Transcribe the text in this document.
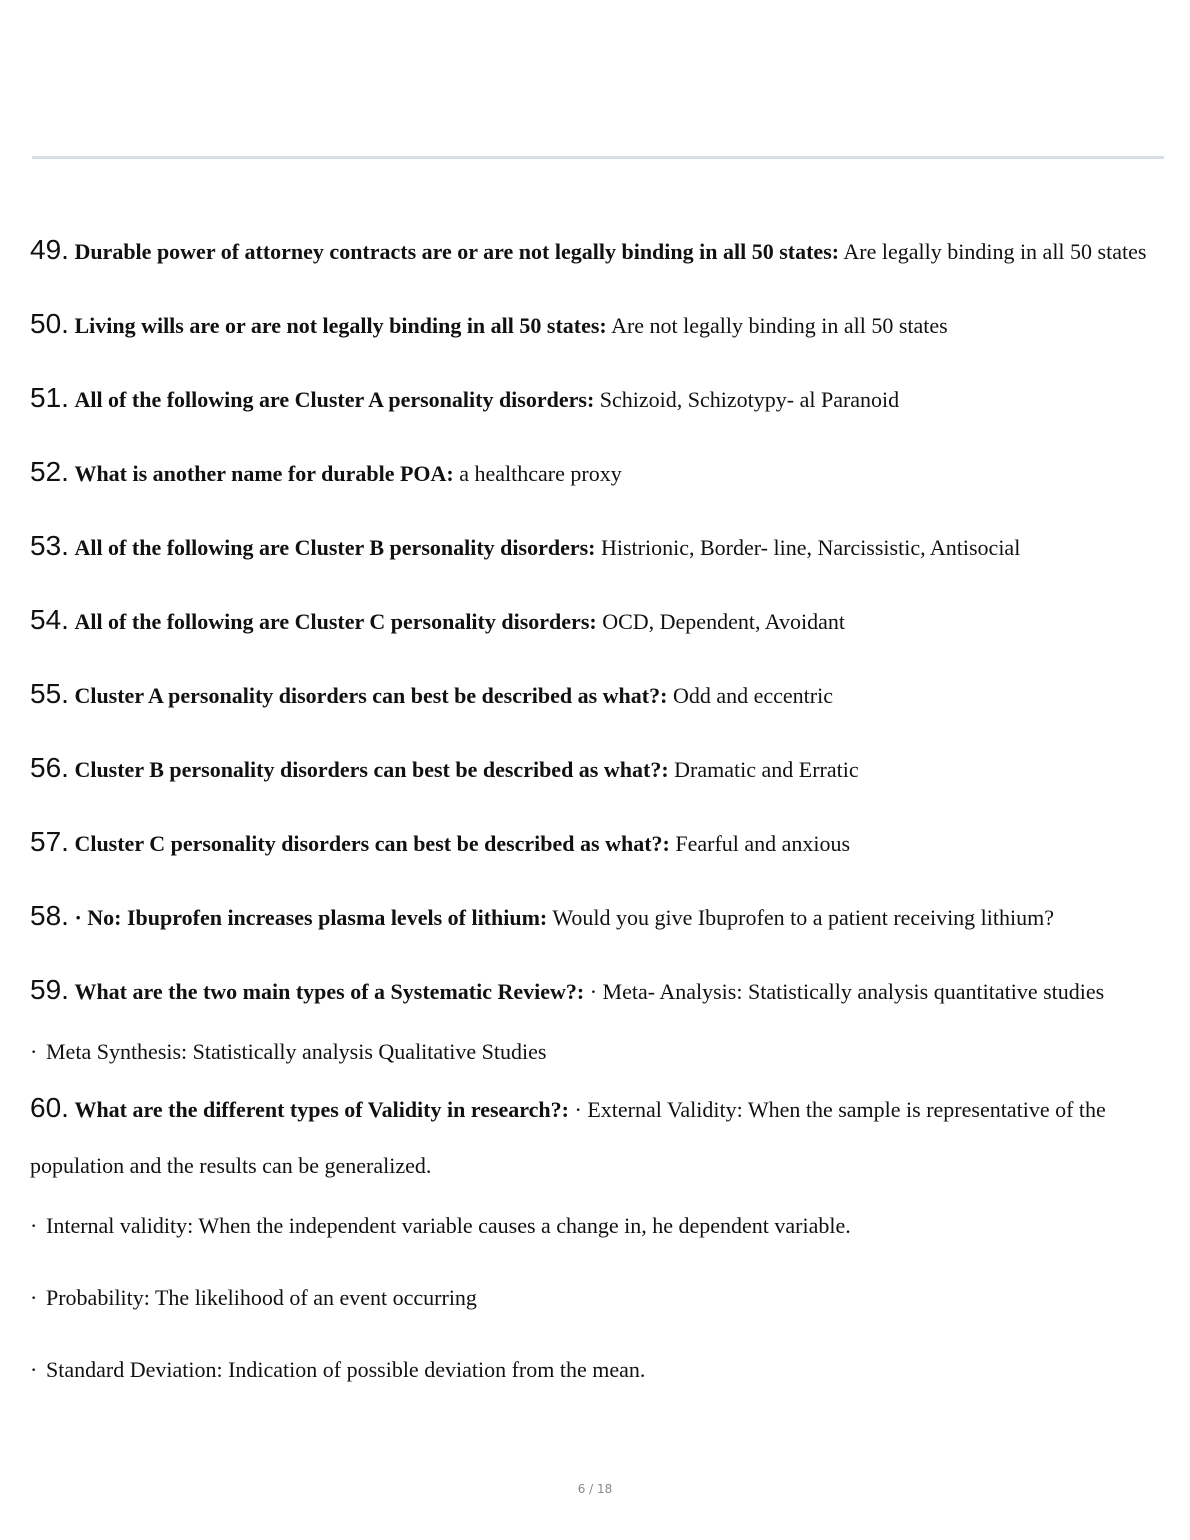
49. Durable power of attorney contracts are or are not legally binding in all 50 states: Are legally binding in all 50 states

50. Living wills are or are not legally binding in all 50 states: Are not legally binding in all 50 states

51. All of the following are Cluster A personality disorders: Schizoid, Schizotypy- al Paranoid

52. What is another name for durable POA: a healthcare proxy

53. All of the following are Cluster B personality disorders: Histrionic, Border- line, Narcissistic, Antisocial

54. All of the following are Cluster C personality disorders: OCD, Dependent, Avoidant

55. Cluster A personality disorders can best be described as what?: Odd and eccentric

56. Cluster B personality disorders can best be described as what?: Dramatic and Erratic

57. Cluster C personality disorders can best be described as what?: Fearful and anxious

58. · No: Ibuprofen increases plasma levels of lithium: Would you give Ibuprofen to a patient receiving lithium?

59. What are the two main types of a Systematic Review?: · Meta- Analysis: Statistically analysis quantitative studies

· Meta Synthesis: Statistically analysis Qualitative Studies

60. What are the different types of Validity in research?: · External Validity: When the sample is representative of the population and the results can be generalized.

· Internal validity: When the independent variable causes a change in, he dependent variable.

· Probability: The likelihood of an event occurring

· Standard Deviation: Indication of possible deviation from the mean.

6 / 18
